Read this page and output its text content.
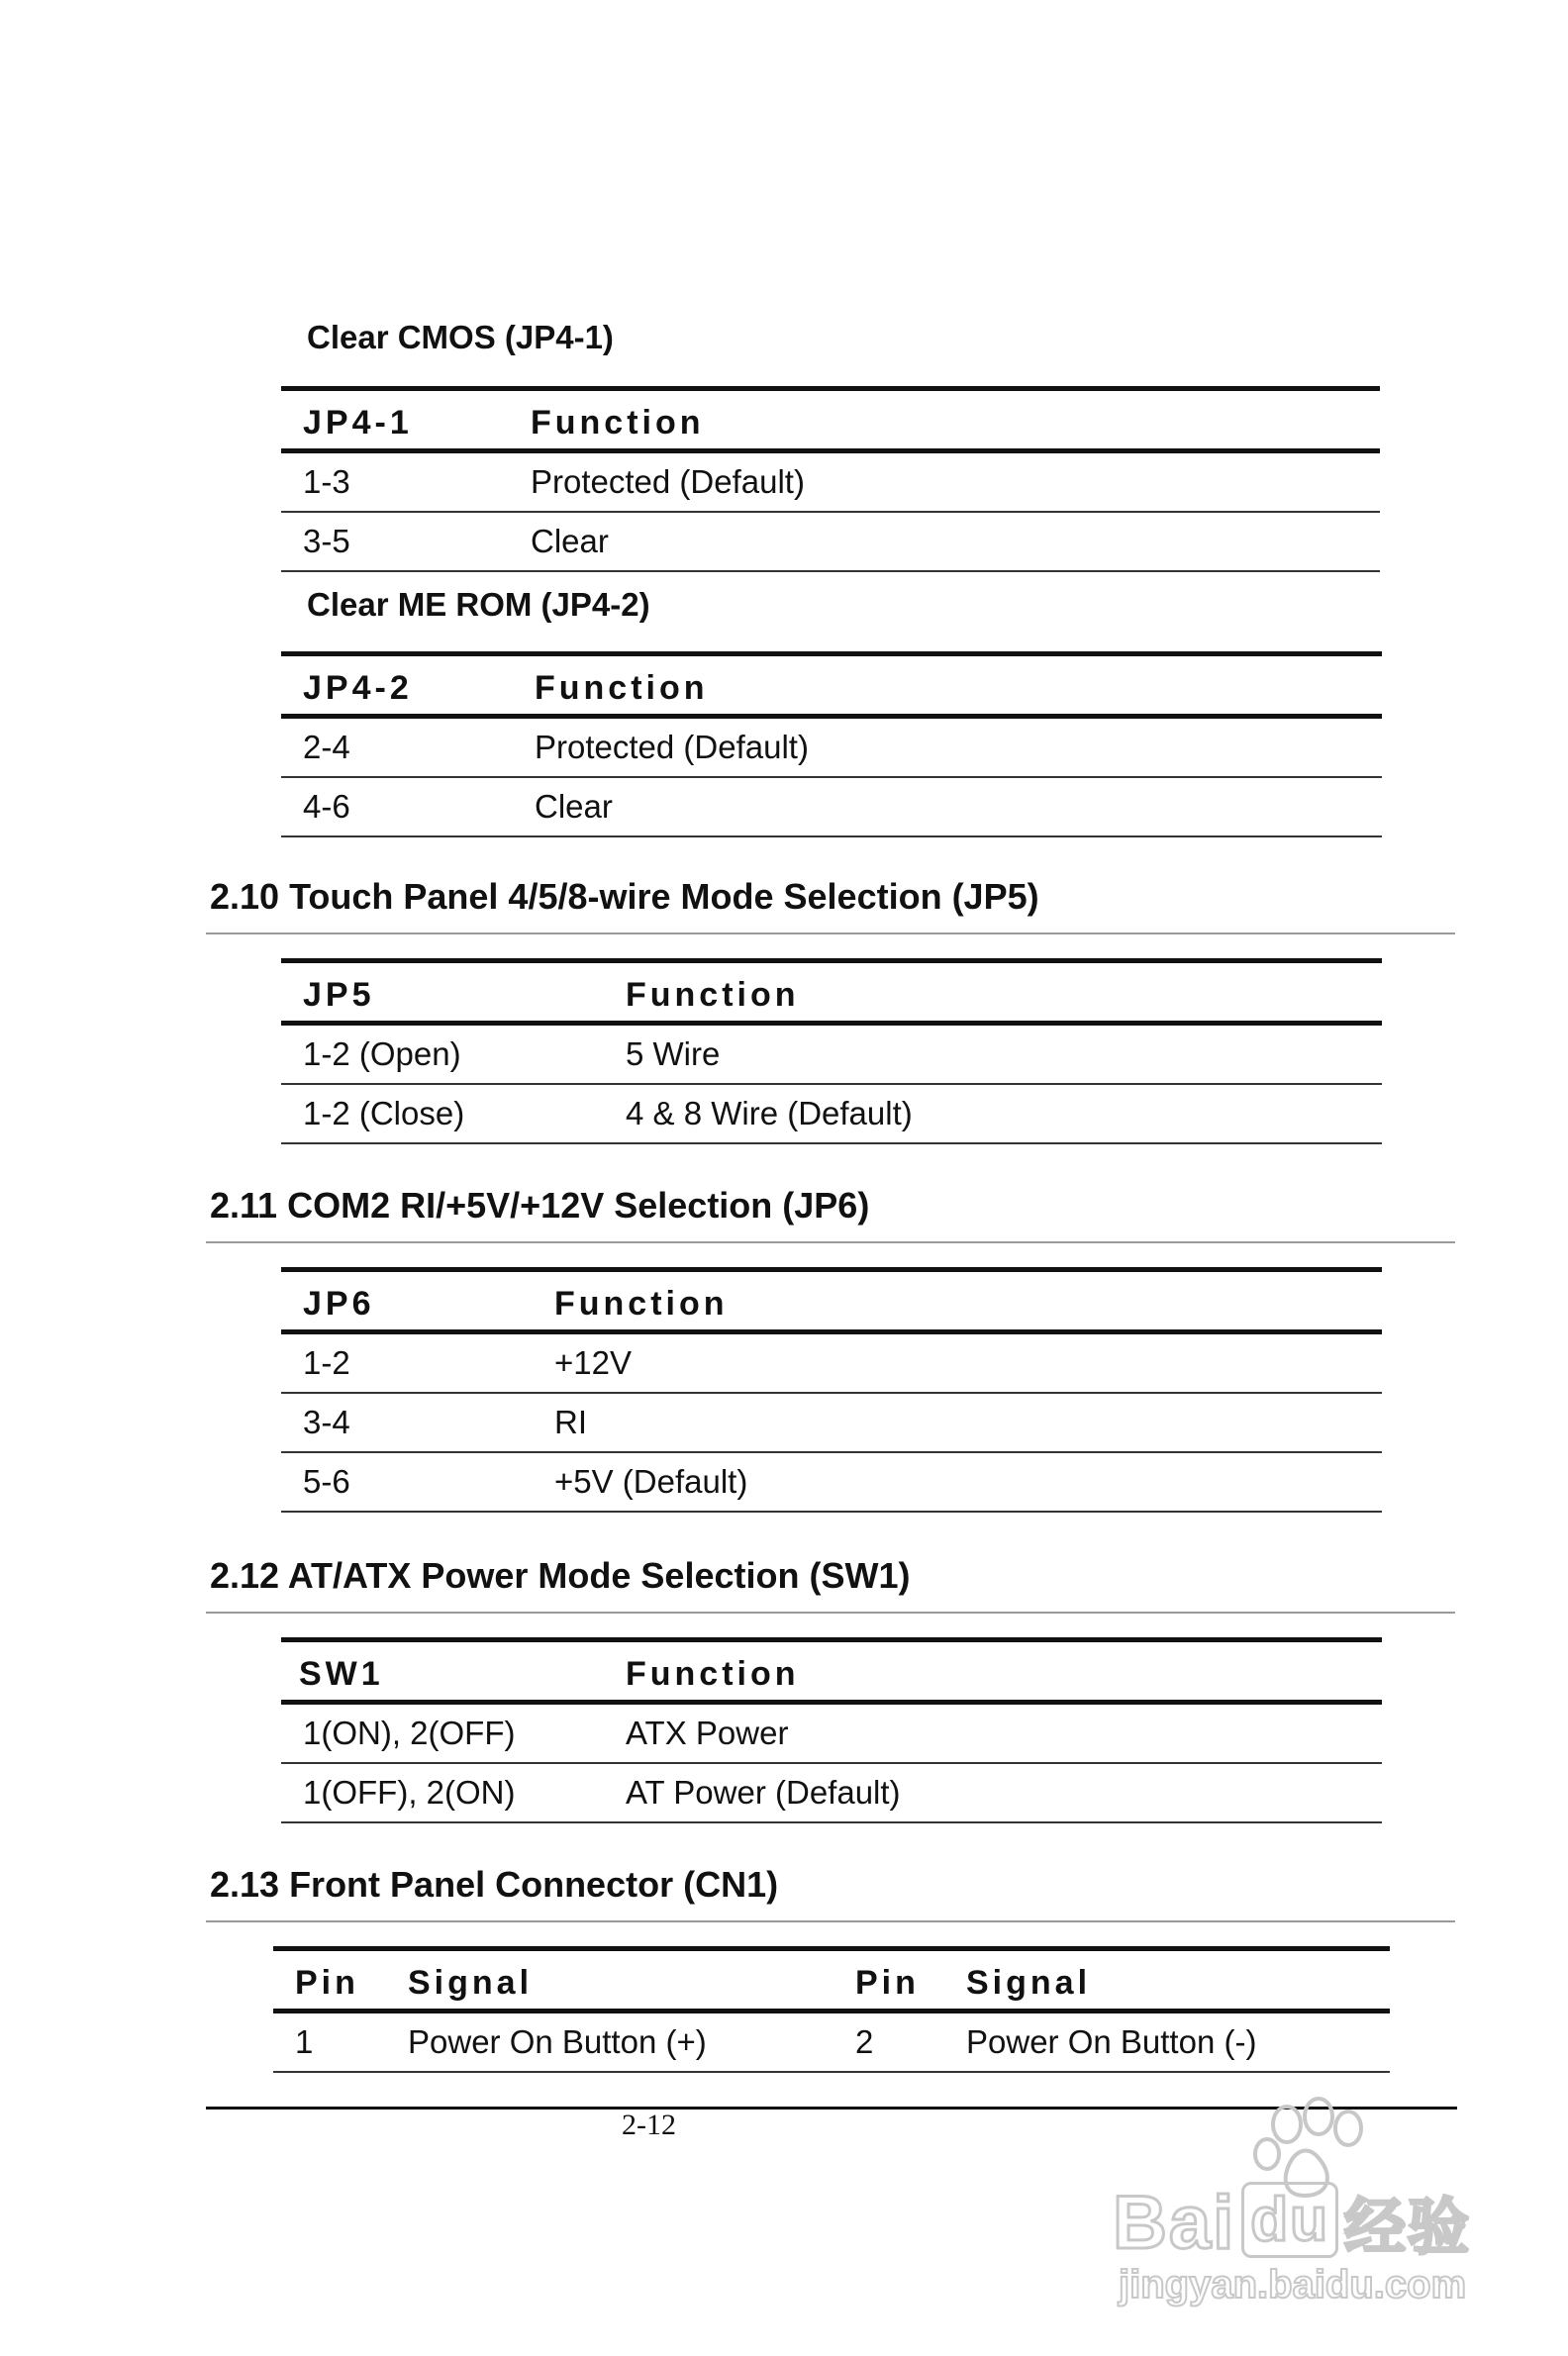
Clear CMOS (JP4-1)
JP4-1	Function
1-3	Protected (Default)
3-5	Clear
Clear ME ROM (JP4-2)
JP4-2	Function
2-4	Protected (Default)
4-6	Clear
2.10 Touch Panel 4/5/8-wire Mode Selection (JP5)
JP5	Function
1-2 (Open)	5 Wire
1-2 (Close)	4 & 8 Wire (Default)
2.11 COM2 RI/+5V/+12V Selection (JP6)
JP6	Function
1-2	+12V
3-4	RI
5-6	+5V (Default)
2.12 AT/ATX Power Mode Selection (SW1)
SW1	Function
1(ON), 2(OFF)	ATX Power
1(OFF), 2(ON)	AT Power (Default)
2.13 Front Panel Connector (CN1)
Pin	Signal	Pin	Signal
1	Power On Button (+)	2	Power On Button (-)
2-12
Bai du 经验
jingyan.baidu.com
